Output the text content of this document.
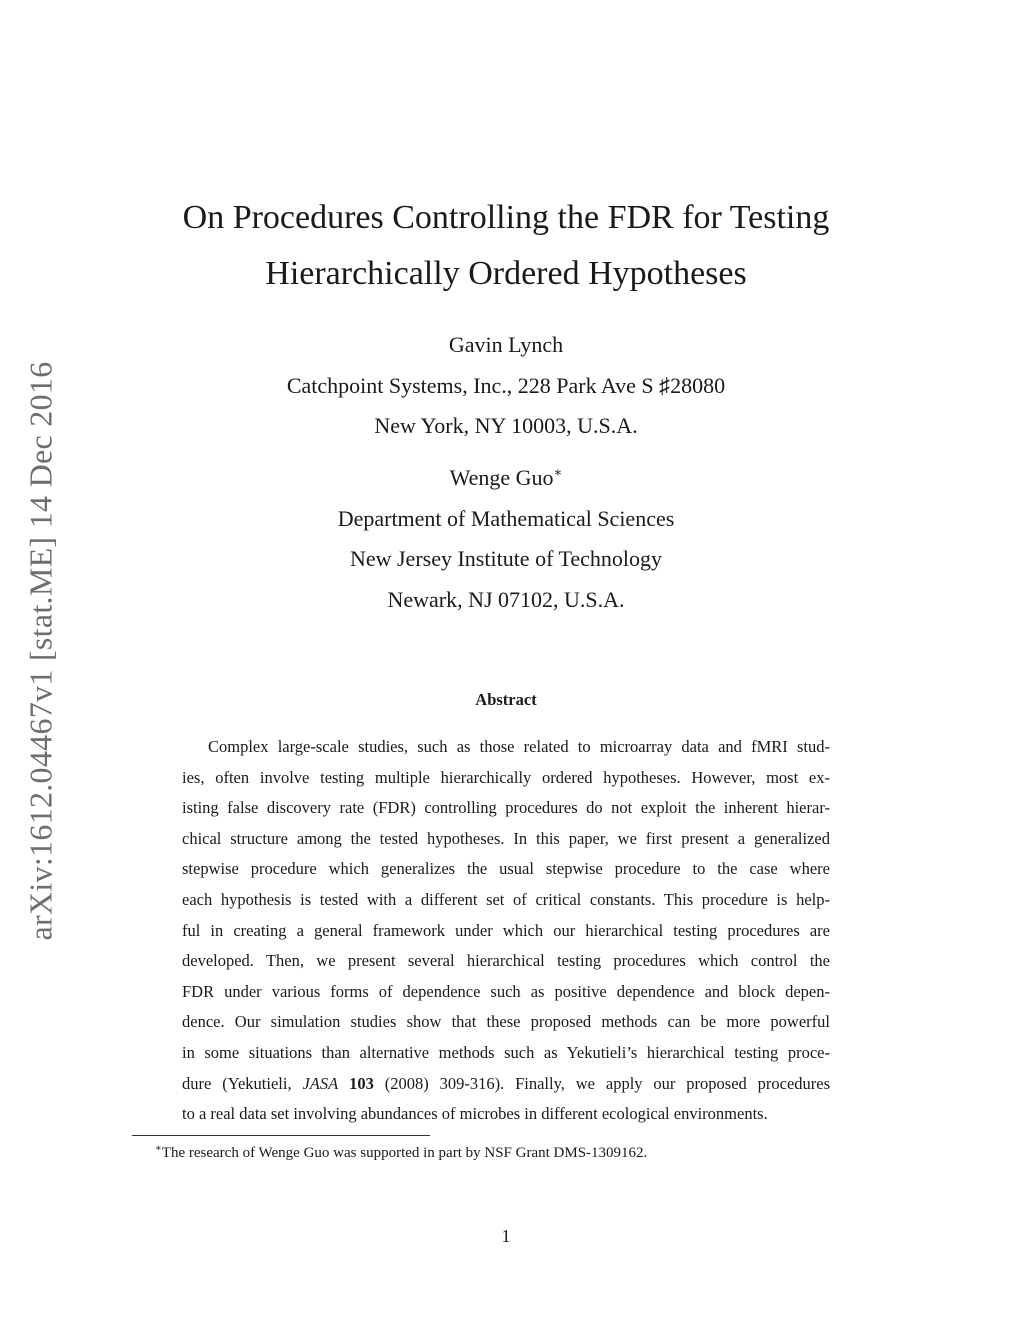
arXiv:1612.04467v1 [stat.ME] 14 Dec 2016
On Procedures Controlling the FDR for Testing
Hierarchically Ordered Hypotheses
Gavin Lynch
Catchpoint Systems, Inc., 228 Park Ave S ♯28080
New York, NY 10003, U.S.A.
Wenge Guo∗
Department of Mathematical Sciences
New Jersey Institute of Technology
Newark, NJ 07102, U.S.A.
Abstract
Complex large-scale studies, such as those related to microarray data and fMRI stud-
ies, often involve testing multiple hierarchically ordered hypotheses. However, most ex-
isting false discovery rate (FDR) controlling procedures do not exploit the inherent hierar-
chical structure among the tested hypotheses. In this paper, we first present a generalized
stepwise procedure which generalizes the usual stepwise procedure to the case where
each hypothesis is tested with a different set of critical constants. This procedure is help-
ful in creating a general framework under which our hierarchical testing procedures are
developed. Then, we present several hierarchical testing procedures which control the
FDR under various forms of dependence such as positive dependence and block depen-
dence. Our simulation studies show that these proposed methods can be more powerful
in some situations than alternative methods such as Yekutieli’s hierarchical testing proce-
dure (Yekutieli, JASA 103 (2008) 309-316). Finally, we apply our proposed procedures
to a real data set involving abundances of microbes in different ecological environments.
∗The research of Wenge Guo was supported in part by NSF Grant DMS-1309162.
1
